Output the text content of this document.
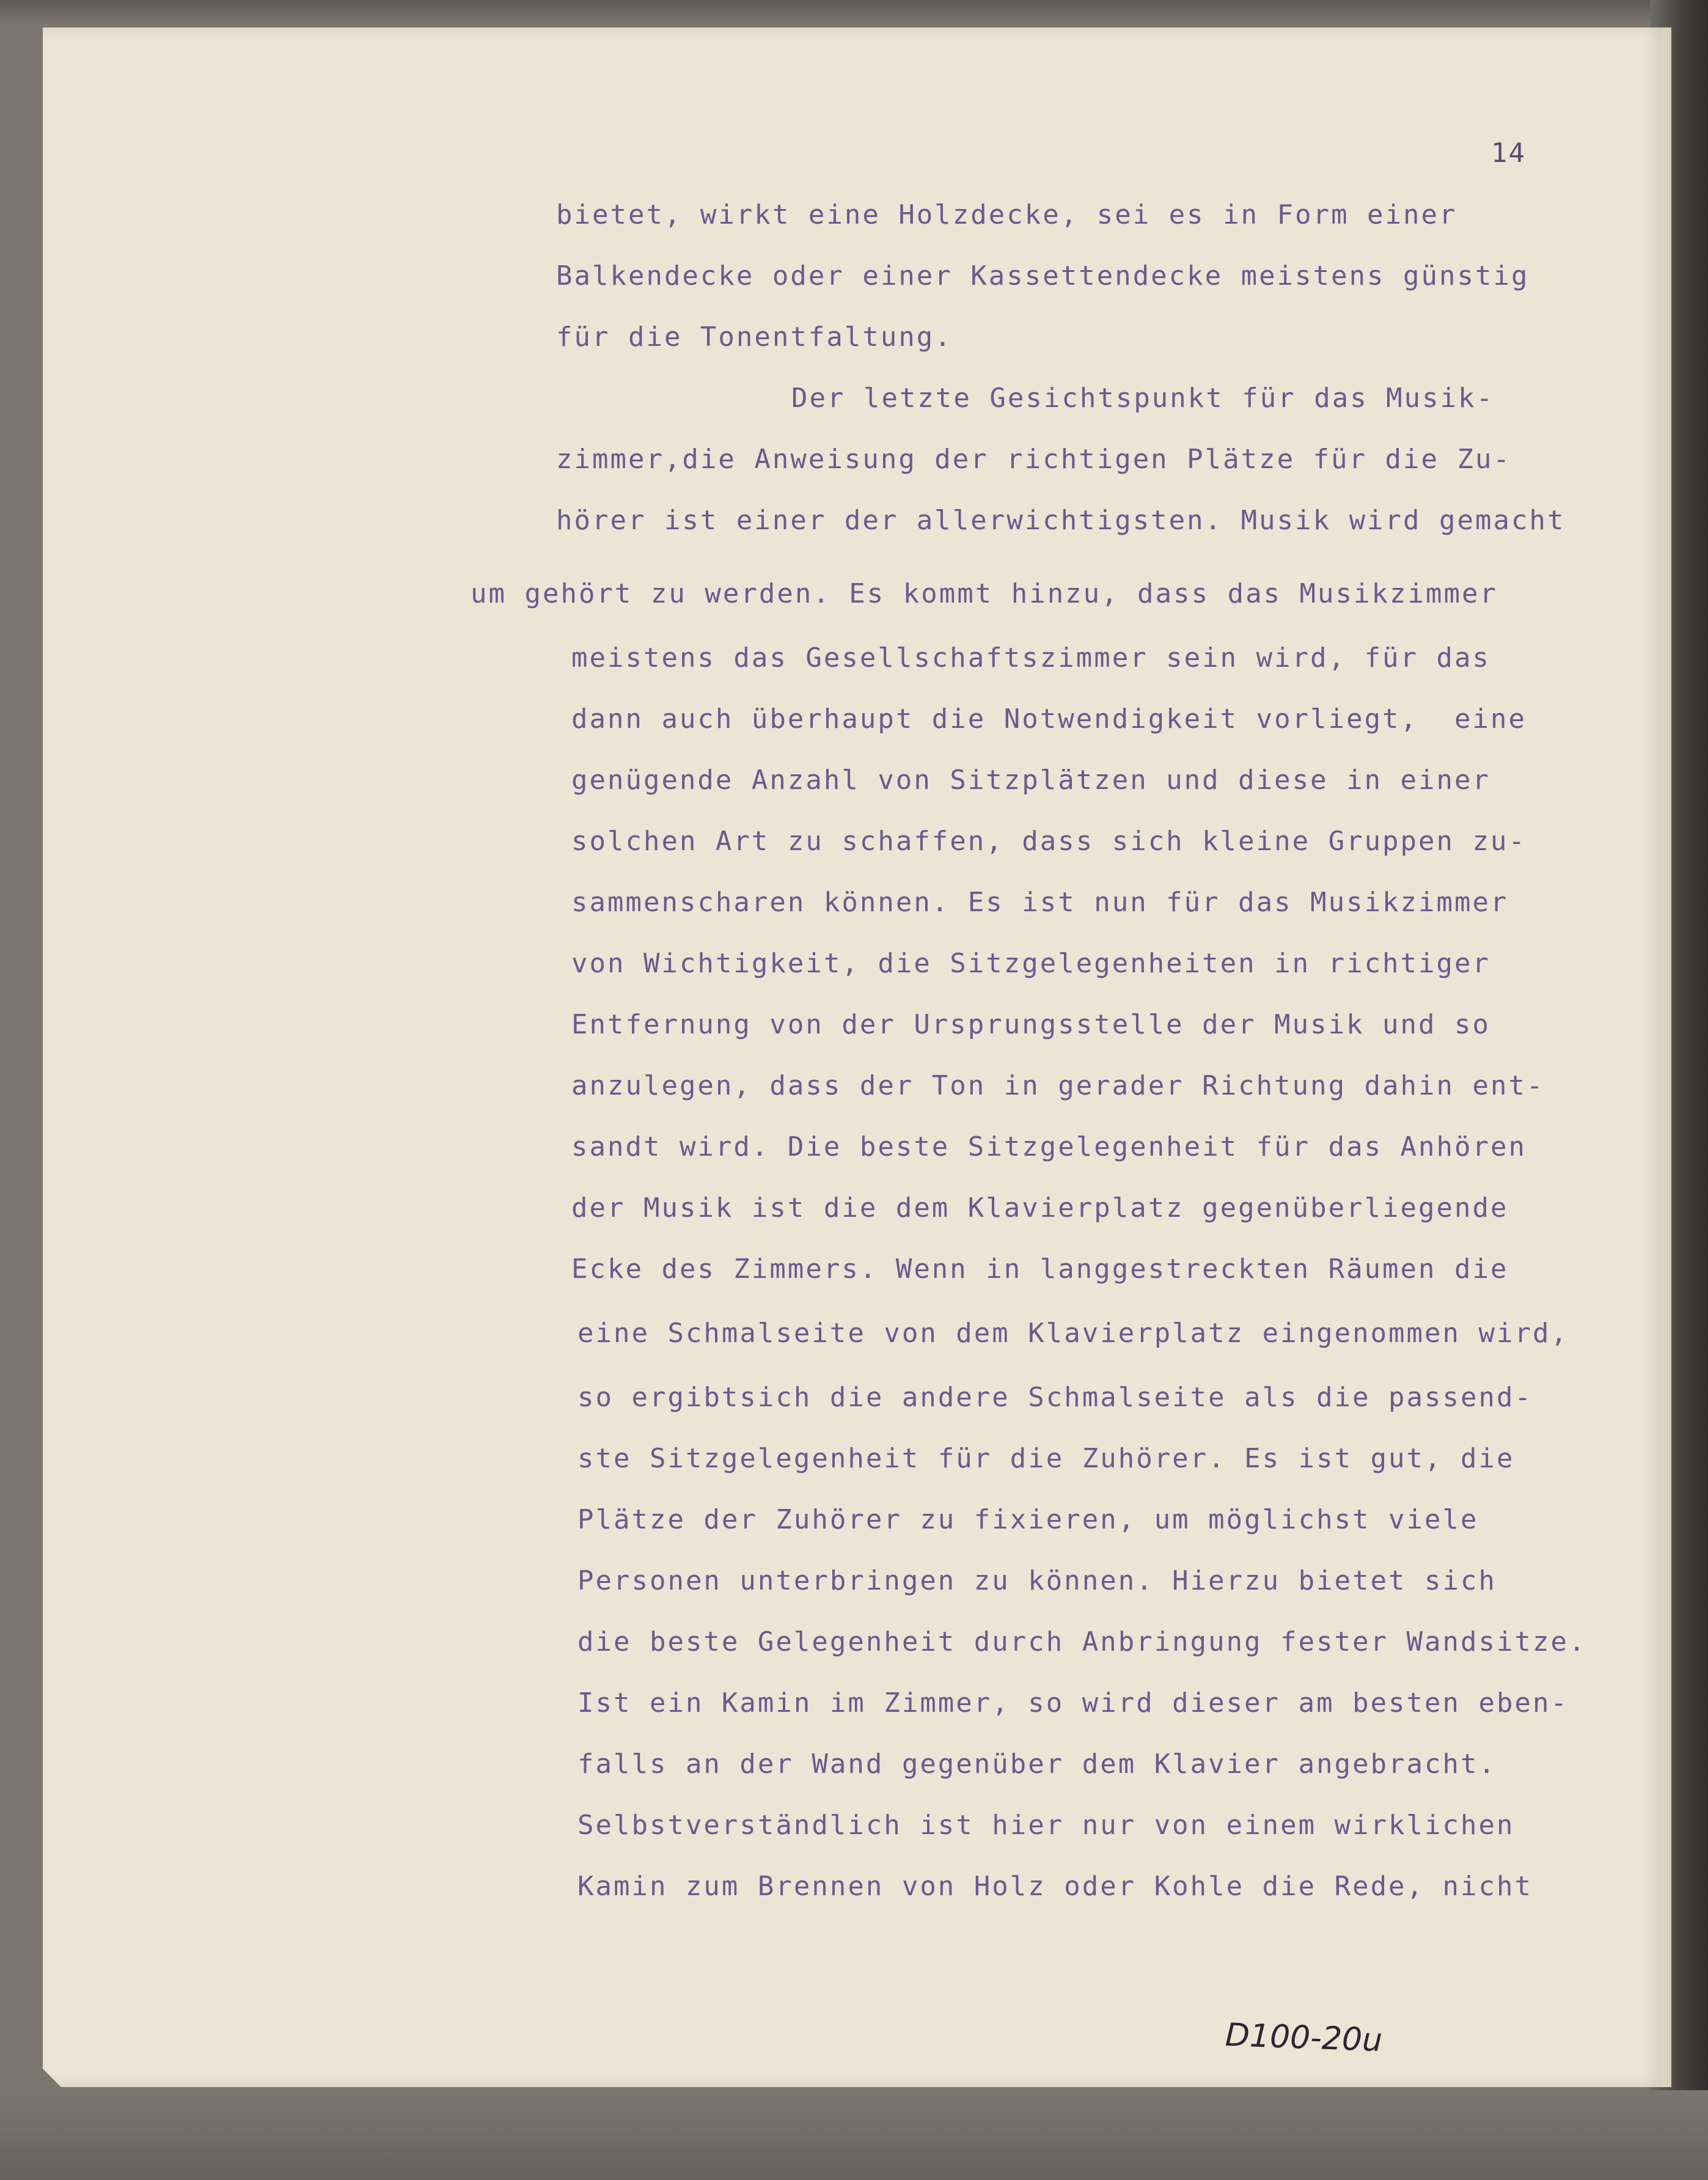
14
bietet, wirkt eine Holzdecke, sei es in Form einer
Balkendecke oder einer Kassettendecke meistens günstig
für die Tonentfaltung.
Der letzte Gesichtspunkt für das Musik-
zimmer,die Anweisung der richtigen Plätze für die Zu-
hörer ist einer der allerwichtigsten. Musik wird gemacht
um gehört zu werden. Es kommt hinzu, dass das Musikzimmer
meistens das Gesellschaftszimmer sein wird, für das
dann auch überhaupt die Notwendigkeit vorliegt,  eine
genügende Anzahl von Sitzplätzen und diese in einer
solchen Art zu schaffen, dass sich kleine Gruppen zu-
sammenscharen können. Es ist nun für das Musikzimmer
von Wichtigkeit, die Sitzgelegenheiten in richtiger
Entfernung von der Ursprungsstelle der Musik und so
anzulegen, dass der Ton in gerader Richtung dahin ent-
sandt wird. Die beste Sitzgelegenheit für das Anhören
der Musik ist die dem Klavierplatz gegenüberliegende
Ecke des Zimmers. Wenn in langgestreckten Räumen die
eine Schmalseite von dem Klavierplatz eingenommen wird,
so ergibtsich die andere Schmalseite als die passend-
ste Sitzgelegenheit für die Zuhörer. Es ist gut, die
Plätze der Zuhörer zu fixieren, um möglichst viele
Personen unterbringen zu können. Hierzu bietet sich
die beste Gelegenheit durch Anbringung fester Wandsitze.
Ist ein Kamin im Zimmer, so wird dieser am besten eben-
falls an der Wand gegenüber dem Klavier angebracht.
Selbstverständlich ist hier nur von einem wirklichen
Kamin zum Brennen von Holz oder Kohle die Rede, nicht
D100-20u
